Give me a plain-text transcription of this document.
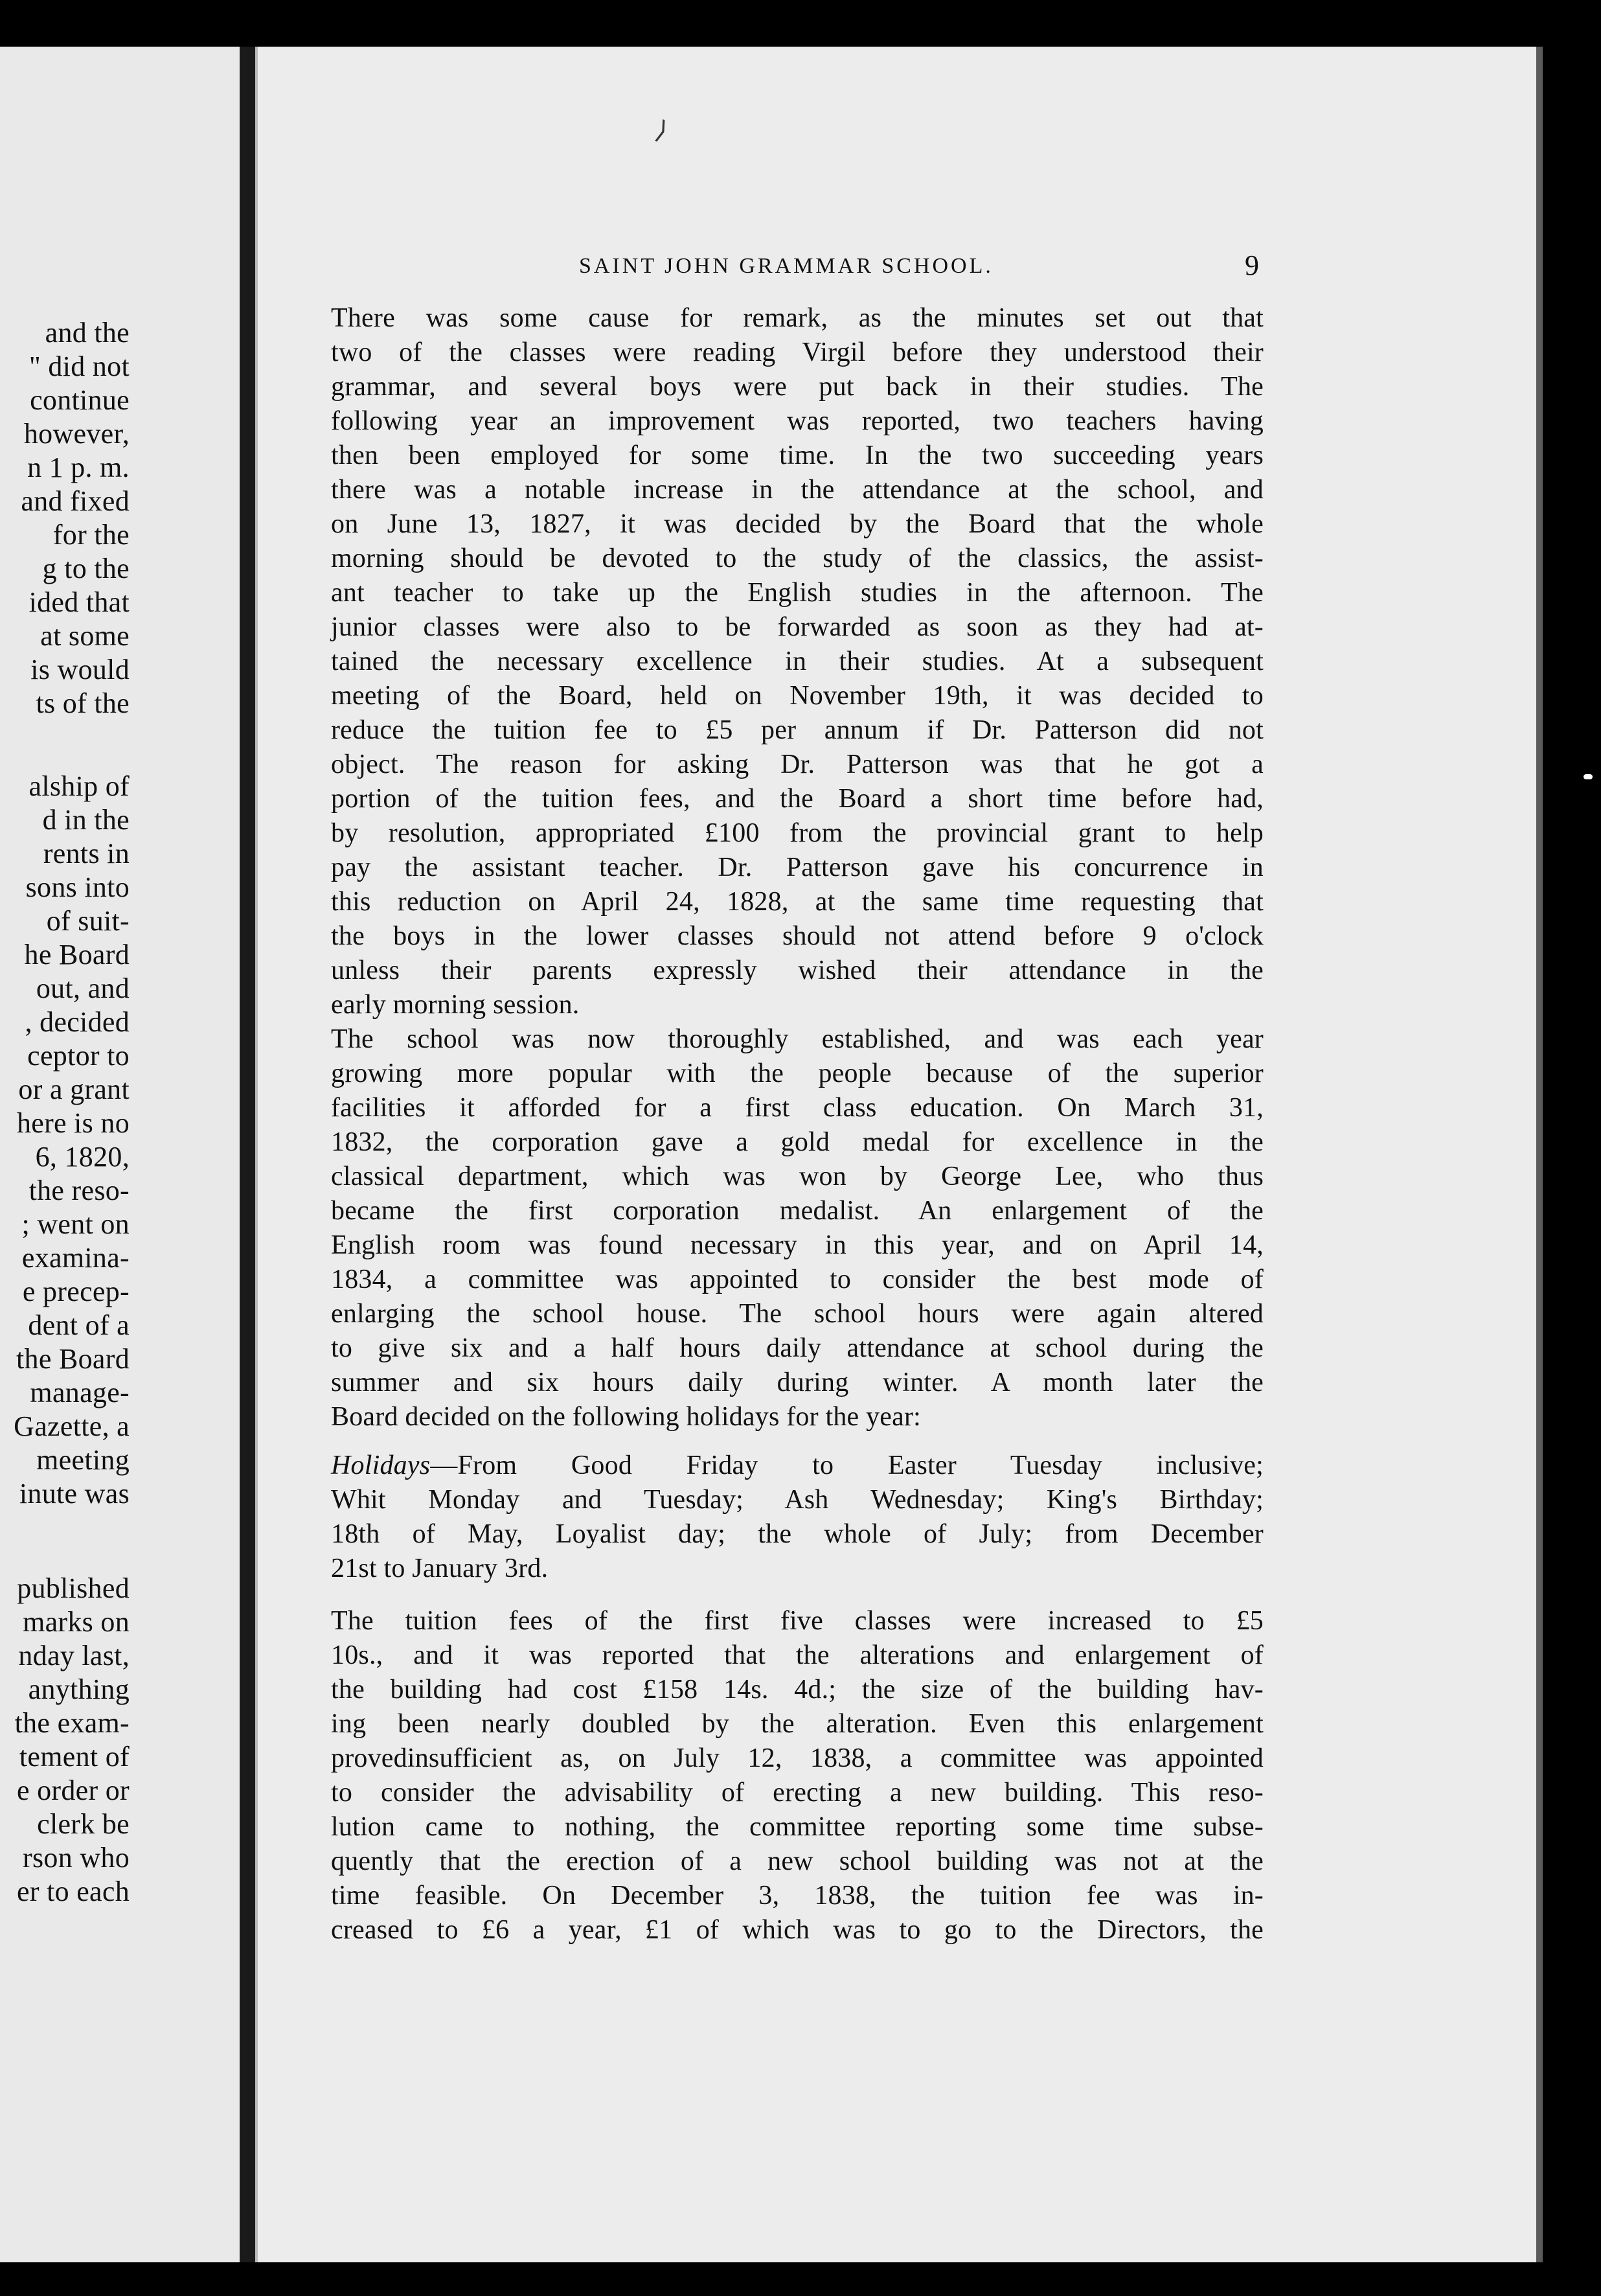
and the
" did not
continue
however,
n 1 p. m.
and fixed
for the
g to the
ided that
at some
is would
ts of the
alship of
d in the
rents in
sons into
of suit-
he Board
out, and
, decided
ceptor to
or a grant
here is no
6, 1820,
the reso-
; went on
examina-
e precep-
dent of a
the Board
manage-
Gazette, a
meeting
inute was
published
marks on
nday last,
anything
the exam-
tement of
e order or
clerk be
rson who
er to each
⟩
SAINT JOHN GRAMMAR SCHOOL.	9
There was some cause for remark, as the minutes set out that
two of the classes were reading Virgil before they understood their
grammar, and several boys were put back in their studies. The
following year an improvement was reported, two teachers having
then been employed for some time. In the two succeeding years
there was a notable increase in the attendance at the school, and
on June 13, 1827, it was decided by the Board that the whole
morning should be devoted to the study of the classics, the assist-
ant teacher to take up the English studies in the afternoon. The
junior classes were also to be forwarded as soon as they had at-
tained the necessary excellence in their studies. At a subsequent
meeting of the Board, held on November 19th, it was decided to
reduce the tuition fee to £5 per annum if Dr. Patterson did not
object. The reason for asking Dr. Patterson was that he got a
portion of the tuition fees, and the Board a short time before had,
by resolution, appropriated £100 from the provincial grant to help
pay the assistant teacher. Dr. Patterson gave his concurrence in
this reduction on April 24, 1828, at the same time requesting that
the boys in the lower classes should not attend before 9 o'clock
unless their parents expressly wished their attendance in the
early morning session.
The school was now thoroughly established, and was each year
growing more popular with the people because of the superior
facilities it afforded for a first class education. On March 31,
1832, the corporation gave a gold medal for excellence in the
classical department, which was won by George Lee, who thus
became the first corporation medalist. An enlargement of the
English room was found necessary in this year, and on April 14,
1834, a committee was appointed to consider the best mode of
enlarging the school house. The school hours were again altered
to give six and a half hours daily attendance at school during the
summer and six hours daily during winter. A month later the
Board decided on the following holidays for the year:
Holidays—From Good Friday to Easter Tuesday inclusive;
Whit Monday and Tuesday; Ash Wednesday; King's Birthday;
18th of May, Loyalist day; the whole of July; from December
21st to January 3rd.
The tuition fees of the first five classes were increased to £5
10s., and it was reported that the alterations and enlargement of
the building had cost £158 14s. 4d.; the size of the building hav-
ing been nearly doubled by the alteration. Even this enlargement
provedinsufficient as, on July 12, 1838, a committee was appointed
to consider the advisability of erecting a new building. This reso-
lution came to nothing, the committee reporting some time subse-
quently that the erection of a new school building was not at the
time feasible. On December 3, 1838, the tuition fee was in-
creased to £6 a year, £1 of which was to go to the Directors, the
